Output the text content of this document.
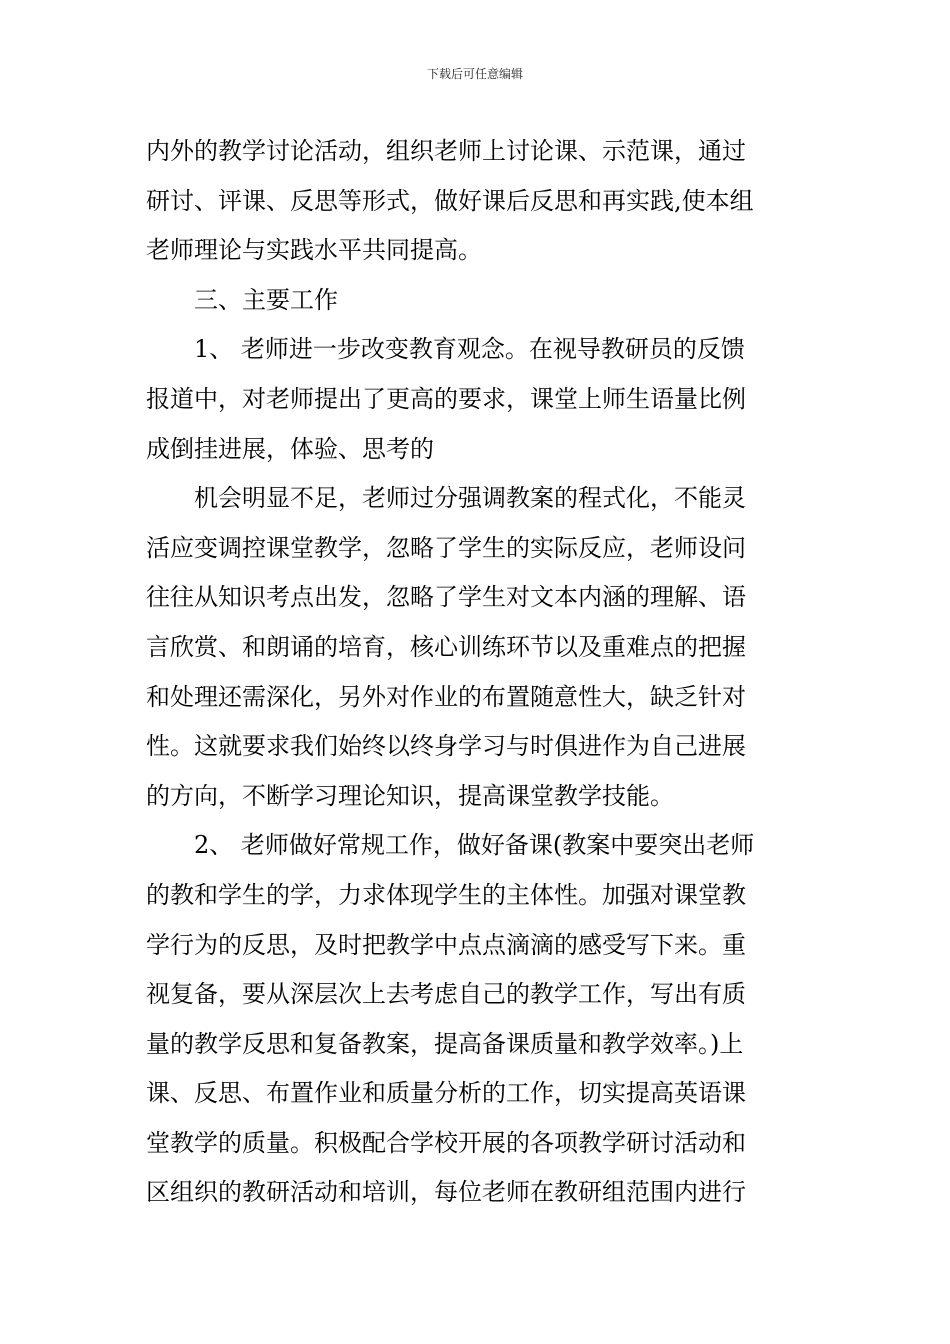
下载后可任意编辑
内外的教学讨论活动，组织老师上讨论课、示范课，通过
研讨、评课、反思等形式，做好课后反思和再实践,使本组
老师理论与实践水平共同提高。
三、主要工作
1、 老师进一步改变教育观念。在视导教研员的反馈
报道中，对老师提出了更高的要求，课堂上师生语量比例
成倒挂进展，体验、思考的
机会明显不足，老师过分强调教案的程式化，不能灵
活应变调控课堂教学，忽略了学生的实际反应，老师设问
往往从知识考点出发，忽略了学生对文本内涵的理解、语
言欣赏、和朗诵的培育，核心训练环节以及重难点的把握
和处理还需深化，另外对作业的布置随意性大，缺乏针对
性。这就要求我们始终以终身学习与时俱进作为自己进展
的方向，不断学习理论知识，提高课堂教学技能。
2、 老师做好常规工作，做好备课(教案中要突出老师
的教和学生的学，力求体现学生的主体性。加强对课堂教
学行为的反思，及时把教学中点点滴滴的感受写下来。重
视复备，要从深层次上去考虑自己的教学工作，写出有质
量的教学反思和复备教案，提高备课质量和教学效率。)上
课、反思、布置作业和质量分析的工作，切实提高英语课
堂教学的质量。积极配合学校开展的各项教学研讨活动和
区组织的教研活动和培训，每位老师在教研组范围内进行
